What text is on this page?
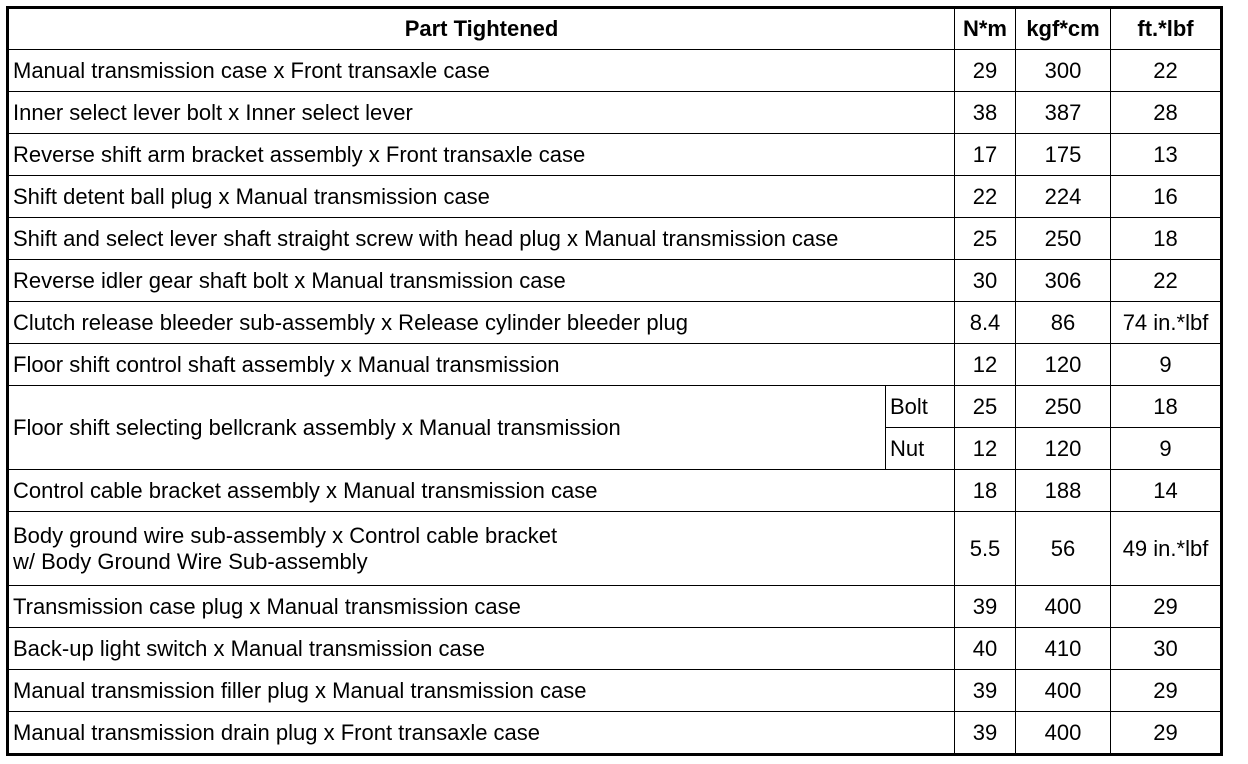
Part Tightened		N*m	kgf*cm	ft.*lbf
Manual transmission case x Front transaxle case		29	300	22
Inner select lever bolt x Inner select lever		38	387	28
Reverse shift arm bracket assembly x Front transaxle case		17	175	13
Shift detent ball plug x Manual transmission case		22	224	16
Shift and select lever shaft straight screw with head plug x Manual transmission case		25	250	18
Reverse idler gear shaft bolt x Manual transmission case		30	306	22
Clutch release bleeder sub-assembly x Release cylinder bleeder plug		8.4	86	74 in.*lbf
Floor shift control shaft assembly x Manual transmission		12	120	9
Floor shift selecting bellcrank assembly x Manual transmission	Bolt	25	250	18
	Nut	12	120	9
Control cable bracket assembly x Manual transmission case		18	188	14

Body ground wire sub-assembly x Control cable bracket
w/ Body Ground Wire Sub-assembly		5.5	56	49 in.*lbf
Transmission case plug x Manual transmission case		39	400	29
Back-up light switch x Manual transmission case		40	410	30
Manual transmission filler plug x Manual transmission case		39	400	29
Manual transmission drain plug x Front transaxle case		39	400	29
